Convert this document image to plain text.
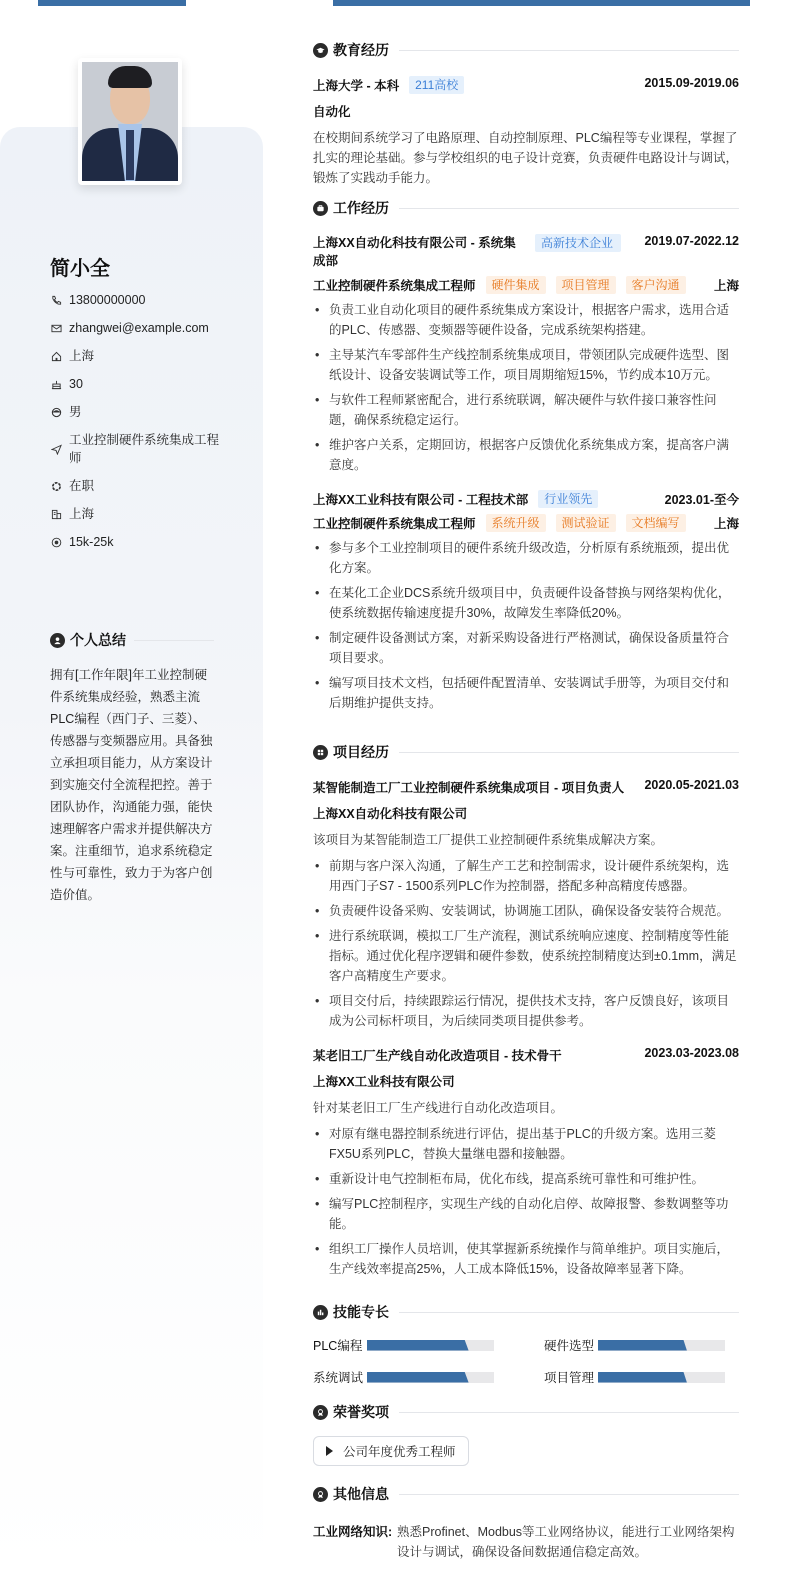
简小全
13800000000
zhangwei@example.com
上海
30
男
工业控制硬件系统集成工程师
在职
上海
15k-25k
个人总结
拥有[工作年限]年工业控制硬件系统集成经验，熟悉主流PLC编程（西门子、三菱）、传感器与变频器应用。具备独立承担项目能力，从方案设计到实施交付全流程把控。善于团队协作，沟通能力强，能快速理解客户需求并提供解决方案。注重细节，追求系统稳定性与可靠性，致力于为客户创造价值。
教育经历
上海大学 - 本科	211高校	2015.09-2019.06
自动化
在校期间系统学习了电路原理、自动控制原理、PLC编程等专业课程，掌握了扎实的理论基础。参与学校组织的电子设计竞赛，负责硬件电路设计与调试，锻炼了实践动手能力。
工作经历
上海XX自动化科技有限公司 - 系统集成部
高新技术企业	2019.07-2022.12
工业控制硬件系统集成工程师	硬件集成	项目管理	客户沟通	上海
• 负责工业自动化项目的硬件系统集成方案设计，根据客户需求，选用合适的PLC、传感器、变频器等硬件设备，完成系统架构搭建。
• 主导某汽车零部件生产线控制系统集成项目，带领团队完成硬件选型、图纸设计、设备安装调试等工作，项目周期缩短15%，节约成本10万元。
• 与软件工程师紧密配合，进行系统联调，解决硬件与软件接口兼容性问题，确保系统稳定运行。
• 维护客户关系，定期回访，根据客户反馈优化系统集成方案，提高客户满意度。
上海XX工业科技有限公司 - 工程技术部	行业领先	2023.01-至今
工业控制硬件系统集成工程师	系统升级	测试验证	文档编写	上海
• 参与多个工业控制项目的硬件系统升级改造，分析原有系统瓶颈，提出优化方案。
• 在某化工企业DCS系统升级项目中，负责硬件设备替换与网络架构优化，使系统数据传输速度提升30%，故障发生率降低20%。
• 制定硬件设备测试方案，对新采购设备进行严格测试，确保设备质量符合项目要求。
• 编写项目技术文档，包括硬件配置清单、安装调试手册等，为项目交付和后期维护提供支持。
项目经历
某智能制造工厂工业控制硬件系统集成项目 - 项目负责人 2020.05-2021.03
上海XX自动化科技有限公司
该项目为某智能制造工厂提供工业控制硬件系统集成解决方案。
• 前期与客户深入沟通，了解生产工艺和控制需求，设计硬件系统架构，选用西门子S7 - 1500系列PLC作为控制器，搭配多种高精度传感器。
• 负责硬件设备采购、安装调试，协调施工团队，确保设备安装符合规范。
• 进行系统联调，模拟工厂生产流程，测试系统响应速度、控制精度等性能指标。通过优化程序逻辑和硬件参数，使系统控制精度达到±0.1mm，满足客户高精度生产要求。
• 项目交付后，持续跟踪运行情况，提供技术支持，客户反馈良好，该项目成为公司标杆项目，为后续同类项目提供参考。
某老旧工厂生产线自动化改造项目 - 技术骨干	2023.03-2023.08
上海XX工业科技有限公司
针对某老旧工厂生产线进行自动化改造项目。
• 对原有继电器控制系统进行评估，提出基于PLC的升级方案。选用三菱FX5U系列PLC，替换大量继电器和接触器。
• 重新设计电气控制柜布局，优化布线，提高系统可靠性和可维护性。
• 编写PLC控制程序，实现生产线的自动化启停、故障报警、参数调整等功能。
• 组织工厂操作人员培训，使其掌握新系统操作与简单维护。项目实施后，生产线效率提高25%，人工成本降低15%，设备故障率显著下降。
技能专长
PLC编程	硬件选型
系统调试	项目管理
荣誉奖项
公司年度优秀工程师
其他信息
工业网络知识: 熟悉Profinet、Modbus等工业网络协议，能进行工业网络架构设计与调试，确保设备间数据通信稳定高效。
